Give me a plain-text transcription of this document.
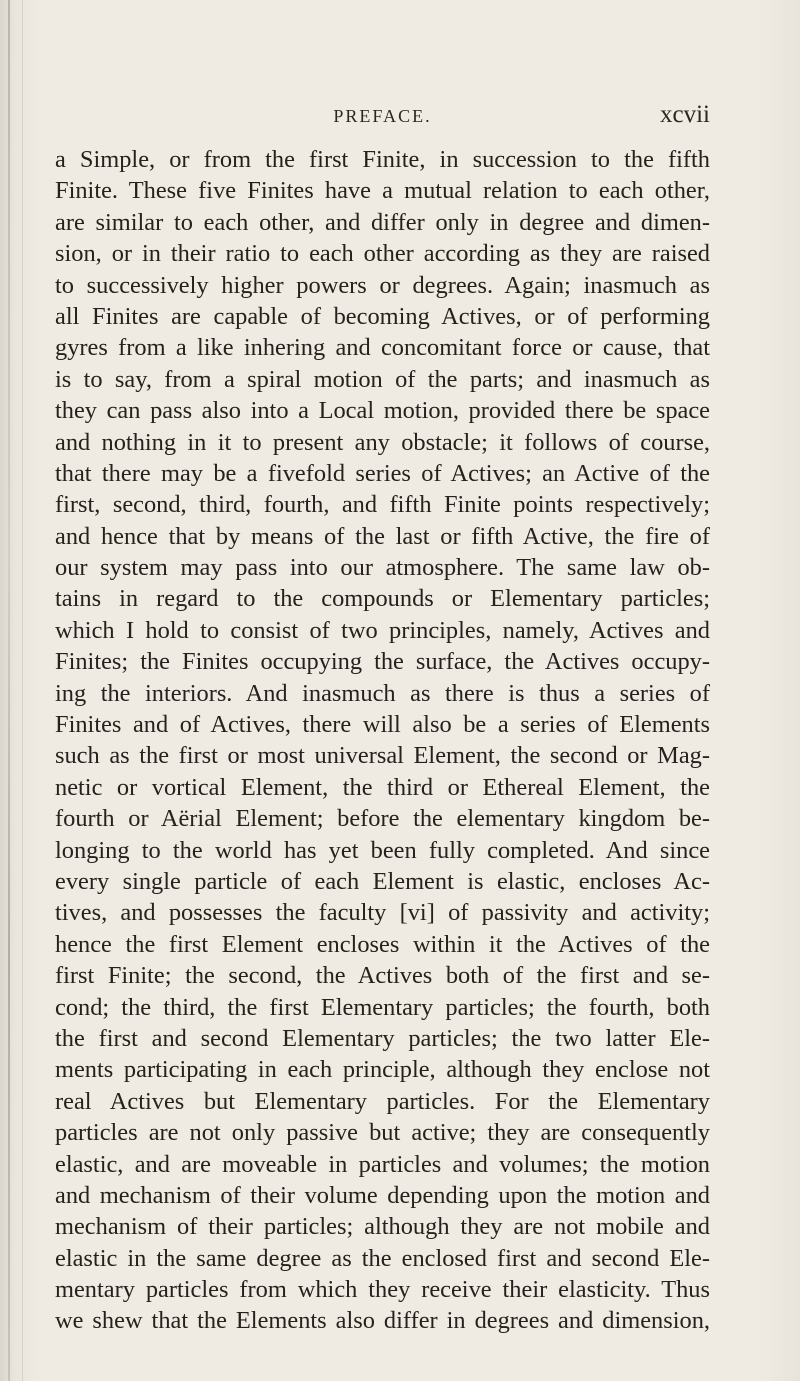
PREFACE.	xcvii
a Simple, or from the first Finite, in succession to the fifth
Finite. These five Finites have a mutual relation to each other,
are similar to each other, and differ only in degree and dimen-
sion, or in their ratio to each other according as they are raised
to successively higher powers or degrees. Again; inasmuch as
all Finites are capable of becoming Actives, or of performing
gyres from a like inhering and concomitant force or cause, that
is to say, from a spiral motion of the parts; and inasmuch as
they can pass also into a Local motion, provided there be space
and nothing in it to present any obstacle; it follows of course,
that there may be a fivefold series of Actives; an Active of the
first, second, third, fourth, and fifth Finite points respectively;
and hence that by means of the last or fifth Active, the fire of
our system may pass into our atmosphere. The same law ob-
tains in regard to the compounds or Elementary particles;
which I hold to consist of two principles, namely, Actives and
Finites; the Finites occupying the surface, the Actives occupy-
ing the interiors. And inasmuch as there is thus a series of
Finites and of Actives, there will also be a series of Elements
such as the first or most universal Element, the second or Mag-
netic or vortical Element, the third or Ethereal Element, the
fourth or Aërial Element; before the elementary kingdom be-
longing to the world has yet been fully completed. And since
every single particle of each Element is elastic, encloses Ac-
tives, and possesses the faculty [vi] of passivity and activity;
hence the first Element encloses within it the Actives of the
first Finite; the second, the Actives both of the first and se-
cond; the third, the first Elementary particles; the fourth, both
the first and second Elementary particles; the two latter Ele-
ments participating in each principle, although they enclose not
real Actives but Elementary particles. For the Elementary
particles are not only passive but active; they are consequently
elastic, and are moveable in particles and volumes; the motion
and mechanism of their volume depending upon the motion and
mechanism of their particles; although they are not mobile and
elastic in the same degree as the enclosed first and second Ele-
mentary particles from which they receive their elasticity. Thus
we shew that the Elements also differ in degrees and dimension,
